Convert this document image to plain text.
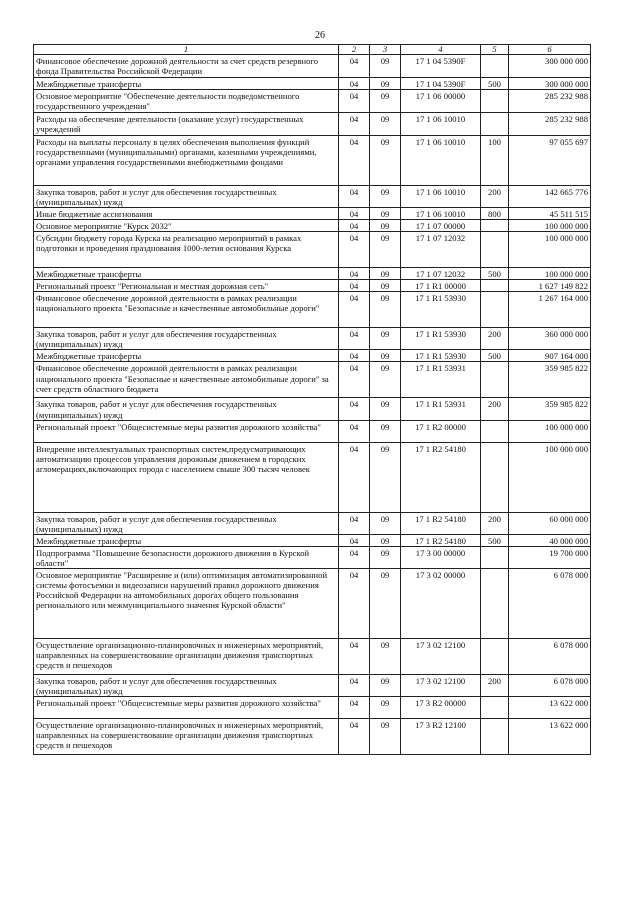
26
1	2	3	4	5	6
Финансовое обеспечение дорожной деятельности за счет средств резервного фонда Правительства Российской Федерации	04	09	17 1 04 5390F		300 000 000
Межбюджетные трансферты	04	09	17 1 04 5390F	500	300 000 000
Основное мероприятие "Обеспечение деятельности подведомственного государственного учреждения"	04	09	17 1 06 00000		285 232 988
Расходы на обеспечение деятельности (оказание услуг) государственных учреждений	04	09	17 1 06 10010		285 232 988
Расходы на выплаты персоналу в целях обеспечения выполнения функций государственными (муниципальными) органами, казенными учреждениями, органами управления государственными внебюджетными фондами	04	09	17 1 06 10010	100	97 055 697
Закупка товаров, работ и услуг для обеспечения государственных (муниципальных) нужд	04	09	17 1 06 10010	200	142 665 776
Иные бюджетные ассигнования	04	09	17 1 06 10010	800	45 511 515
Основное мероприятие "Курск 2032"	04	09	17 1 07 00000		100 000 000
Субсидии бюджету города Курска на реализацию мероприятий в рамках подготовки и проведения празднования 1000-летия основания Курска	04	09	17 1 07 12032		100 000 000
Межбюджетные трансферты	04	09	17 1 07 12032	500	100 000 000
Региональный проект "Региональная и местная дорожная сеть"	04	09	17 1 R1 00000		1 627 149 822
Финансовое обеспечение дорожной деятельности в рамках реализации национального проекта "Безопасные и качественные автомобильные дороги"	04	09	17 1 R1 53930		1 267 164 000
Закупка товаров, работ и услуг для обеспечения государственных (муниципальных) нужд	04	09	17 1 R1 53930	200	360 000 000
Межбюджетные трансферты	04	09	17 1 R1 53930	500	907 164 000
Финансовое обеспечение дорожной деятельности в рамках реализации национального проекта "Безопасные и качественные автомобильные дороги" за счет средств областного бюджета	04	09	17 1 R1 53931		359 985 822
Закупка товаров, работ и услуг для обеспечения государственных (муниципальных) нужд	04	09	17 1 R1 53931	200	359 985 822
Региональный проект "Общесистемные меры развития дорожного хозяйства"	04	09	17 1 R2 00000		100 000 000
Внедрение интеллектуальных транспортных систем,предусматривающих автоматизацию процессов управления дорожным движением в городских агломерациях,включающих города с населением свыше 300 тысяч человек	04	09	17 1 R2 54180		100 000 000
Закупка товаров, работ и услуг для обеспечения государственных (муниципальных) нужд	04	09	17 1 R2 54180	200	60 000 000
Межбюджетные трансферты	04	09	17 1 R2 54180	500	40 000 000
Подпрограмма "Повышение безопасности дорожного движения в Курской области"	04	09	17 3 00 00000		19 700 000
Основное мероприятие "Расширение и (или) оптимизация автоматизированной системы фотосъемки и видеозаписи нарушений правил дорожного движения Российской Федерации на автомобильных дорогах общего пользования регионального или межмуниципального значения Курской области"	04	09	17 3 02 00000		6 078 000
Осуществление организационно-планировочных и инженерных мероприятий, направленных на совершенствование организации движения транспортных средств и пешеходов	04	09	17 3 02 12100		6 078 000
Закупка товаров, работ и услуг для обеспечения государственных (муниципальных) нужд	04	09	17 3 02 12100	200	6 078 000
Региональный проект "Общесистемные меры развития дорожного хозяйства"	04	09	17 3 R2 00000		13 622 000
Осуществление организационно-планировочных и инженерных мероприятий, направленных на совершенствование организации движения транспортных средств и пешеходов	04	09	17 3 R2 12100		13 622 000
